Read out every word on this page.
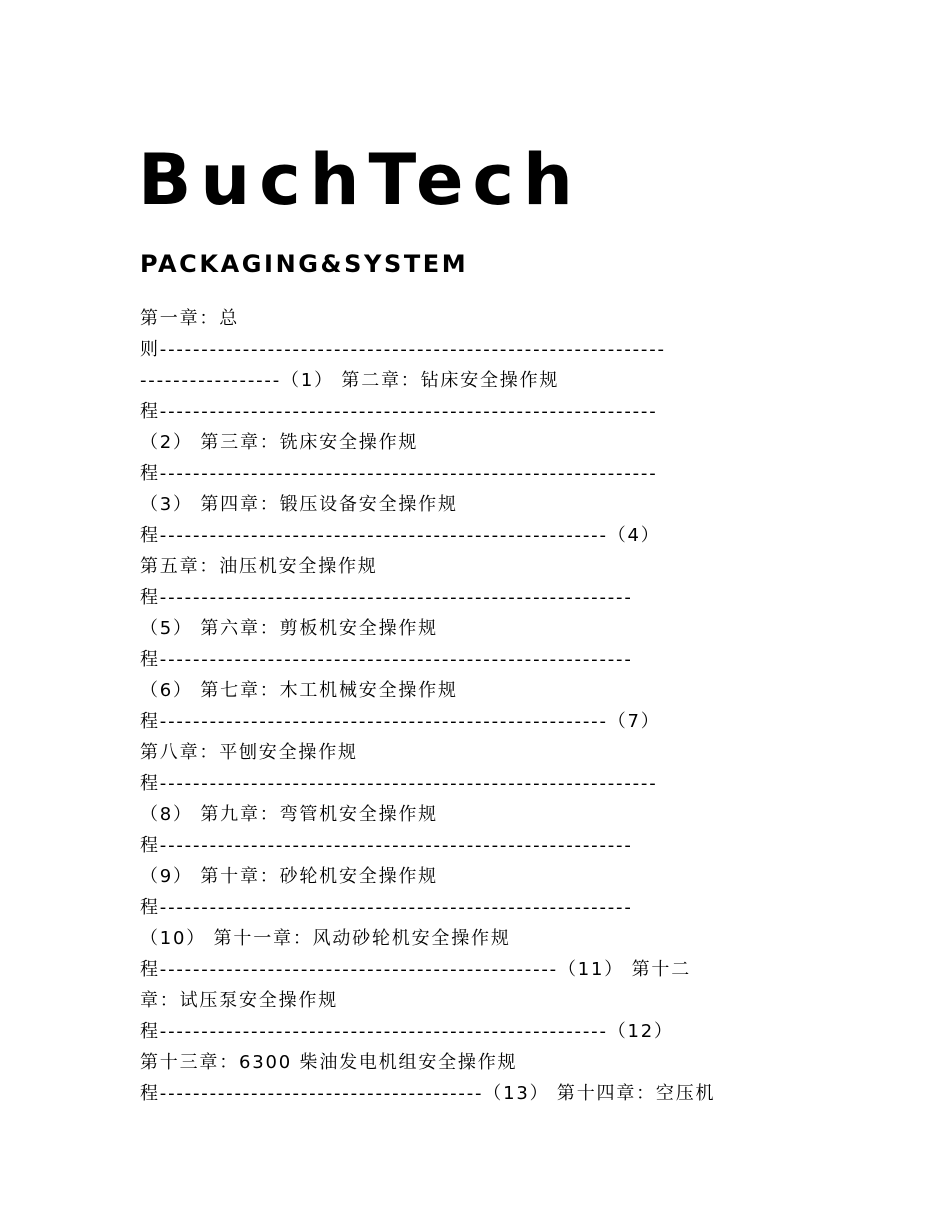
BuchTech
PACKAGING&SYSTEM
第一章：总
则-------------------------------------------------------------
-----------------（1） 第二章：钻床安全操作规
程------------------------------------------------------------
（2） 第三章：铣床安全操作规
程------------------------------------------------------------
（3） 第四章：锻压设备安全操作规
程------------------------------------------------------（4）
第五章：油压机安全操作规
程---------------------------------------------------------
（5） 第六章：剪板机安全操作规
程---------------------------------------------------------
（6） 第七章：木工机械安全操作规
程------------------------------------------------------（7）
第八章：平刨安全操作规
程------------------------------------------------------------
（8） 第九章：弯管机安全操作规
程---------------------------------------------------------
（9） 第十章：砂轮机安全操作规
程---------------------------------------------------------
（10） 第十一章：风动砂轮机安全操作规
程------------------------------------------------（11） 第十二
章：试压泵安全操作规
程------------------------------------------------------（12）
第十三章：6300 柴油发电机组安全操作规
程---------------------------------------（13） 第十四章：空压机
